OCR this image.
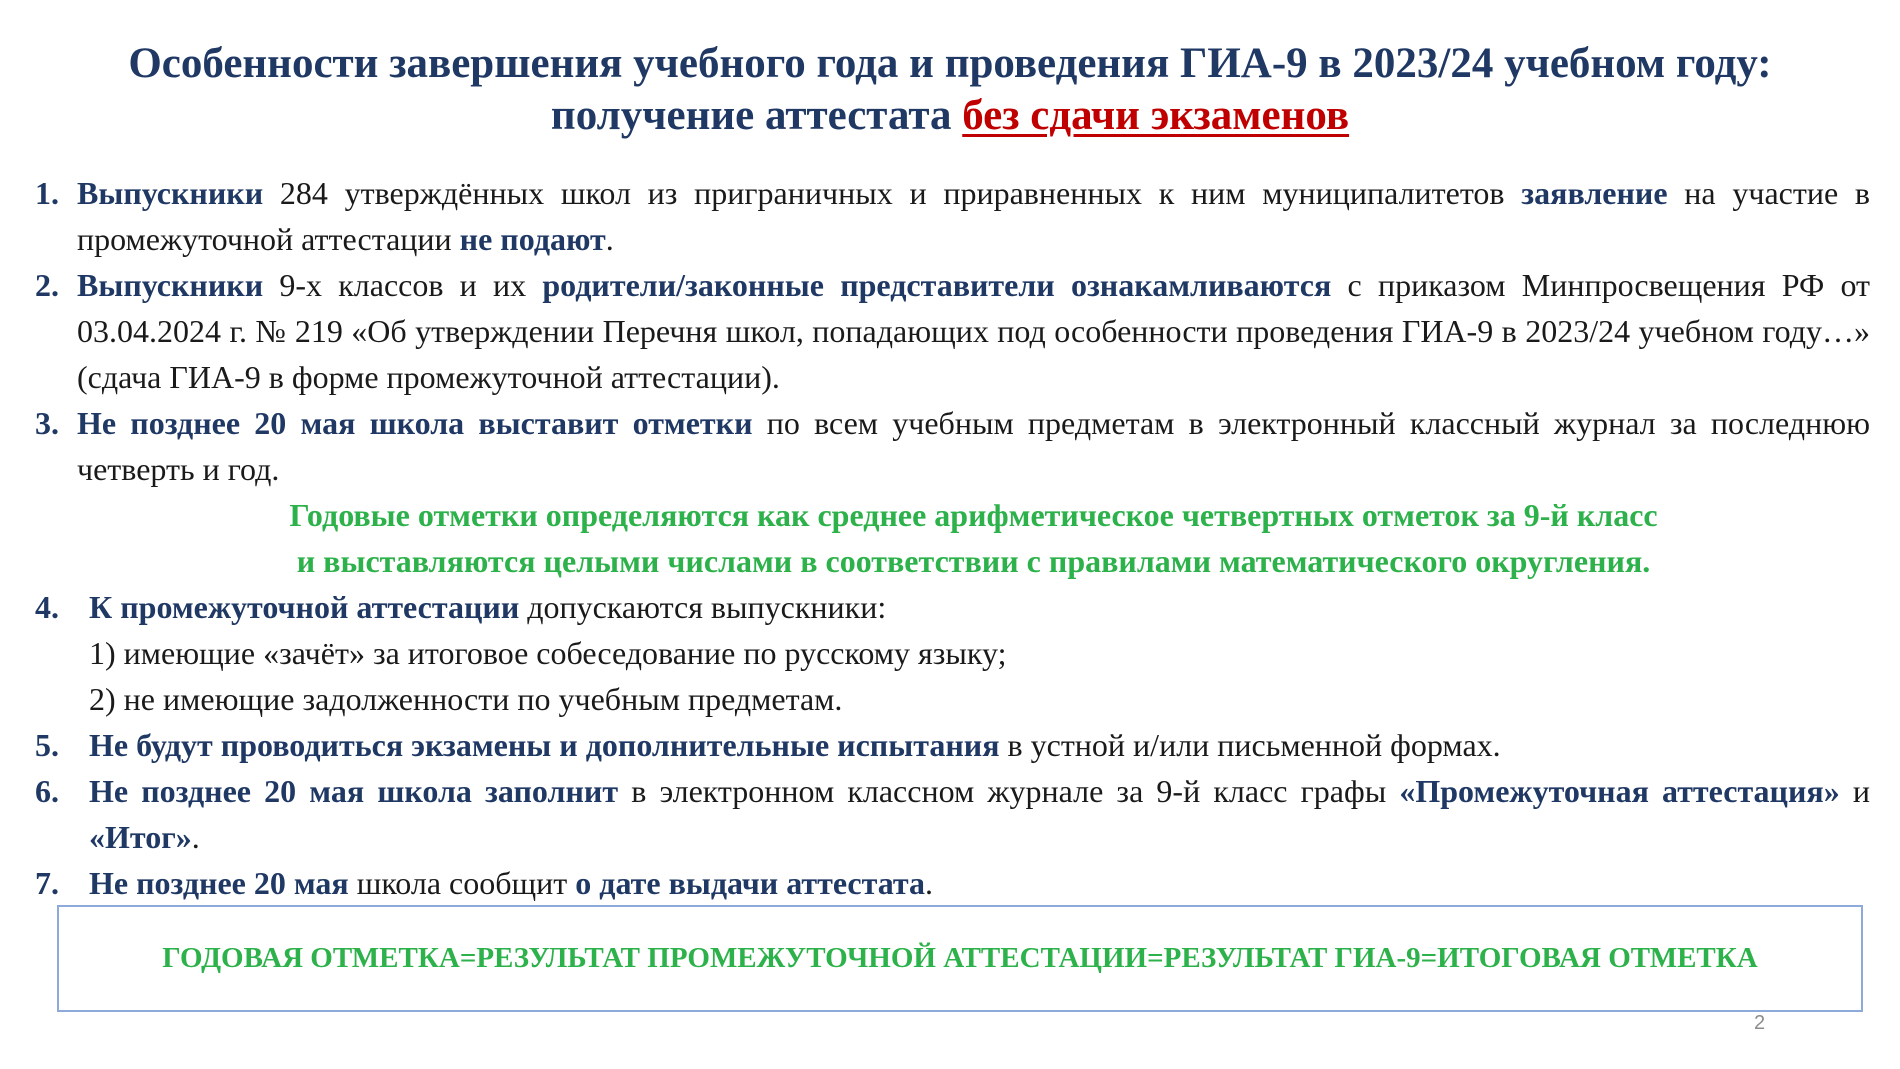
Особенности завершения учебного года и проведения ГИА-9 в 2023/24 учебном году:
получение аттестата без сдачи экзаменов
1. Выпускники 284 утверждённых школ из приграничных и приравненных к ним муниципалитетов заявление на участие в промежуточной аттестации не подают.
2. Выпускники 9-х классов и их родители/законные представители ознакамливаются с приказом Минпросвещения РФ от 03.04.2024 г. № 219 «Об утверждении Перечня школ, попадающих под особенности проведения ГИА-9 в 2023/24 учебном году…» (сдача ГИА-9 в форме промежуточной аттестации).
3. Не позднее 20 мая школа выставит отметки по всем учебным предметам в электронный классный журнал за последнюю четверть и год.
Годовые отметки определяются как среднее арифметическое четвертных отметок за 9-й класс
и выставляются целыми числами в соответствии с правилами математического округления.
4. К промежуточной аттестации допускаются выпускники:
1) имеющие «зачёт» за итоговое собеседование по русскому языку;
2) не имеющие задолженности по учебным предметам.
5. Не будут проводиться экзамены и дополнительные испытания в устной и/или письменной формах.
6. Не позднее 20 мая школа заполнит в электронном классном журнале за 9-й класс графы «Промежуточная аттестация» и «Итог».
7. Не позднее 20 мая школа сообщит о дате выдачи аттестата.
ГОДОВАЯ ОТМЕТКА=РЕЗУЛЬТАТ ПРОМЕЖУТОЧНОЙ АТТЕСТАЦИИ=РЕЗУЛЬТАТ ГИА-9=ИТОГОВАЯ ОТМЕТКА
2
